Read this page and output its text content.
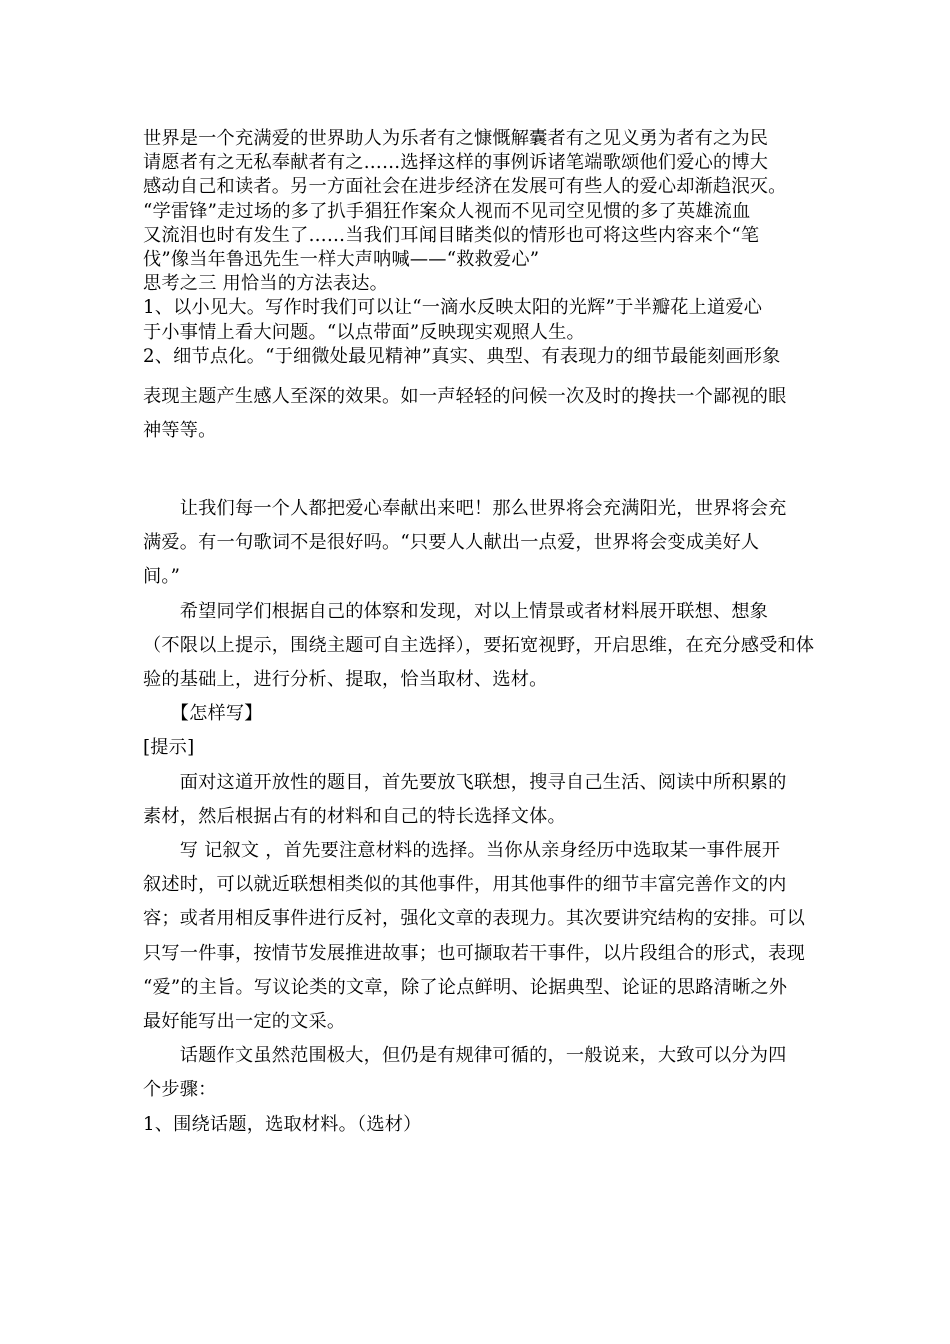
世界是一个充满爱的世界助人为乐者有之慷慨解囊者有之见义勇为者有之为民

请愿者有之无私奉献者有之……选择这样的事例诉诸笔端歌颂他们爱心的博大

感动自己和读者。另一方面社会在进步经济在发展可有些人的爱心却渐趋泯灭。

“学雷锋”走过场的多了扒手猖狂作案众人视而不见司空见惯的多了英雄流血

又流泪也时有发生了……当我们耳闻目睹类似的情形也可将这些内容来个“笔

伐”像当年鲁迅先生一样大声呐喊——“救救爱心”

思考之三 用恰当的方法表达。

1、以小见大。写作时我们可以让“一滴水反映太阳的光辉”于半瓣花上道爱心

于小事情上看大问题。“以点带面”反映现实观照人生。

2、细节点化。“于细微处最见精神”真实、典型、有表现力的细节最能刻画形象

表现主题产生感人至深的效果。如一声轻轻的问候一次及时的搀扶一个鄙视的眼

神等等。

　　让我们每一个人都把爱心奉献出来吧！那么世界将会充满阳光，世界将会充

满爱。有一句歌词不是很好吗。“只要人人献出一点爱，世界将会变成美好人

间。”

　　希望同学们根据自己的体察和发现，对以上情景或者材料展开联想、想象

（不限以上提示，围绕主题可自主选择），要拓宽视野，开启思维，在充分感受和体

验的基础上，进行分析、提取，恰当取材、选材。

　　【怎样写】

[提示]

　　面对这道开放性的题目，首先要放飞联想，搜寻自己生活、阅读中所积累的

素材，然后根据占有的材料和自己的特长选择文体。

　　写 记叙文 ，首先要注意材料的选择。当你从亲身经历中选取某一事件展开

叙述时，可以就近联想相类似的其他事件，用其他事件的细节丰富完善作文的内

容；或者用相反事件进行反衬，强化文章的表现力。其次要讲究结构的安排。可以

只写一件事，按情节发展推进故事；也可撷取若干事件，以片段组合的形式，表现

“爱”的主旨。写议论类的文章，除了论点鲜明、论据典型、论证的思路清晰之外

最好能写出一定的文采。

　　话题作文虽然范围极大，但仍是有规律可循的，一般说来，大致可以分为四

个步骤：

1、围绕话题，选取材料。（选材）
